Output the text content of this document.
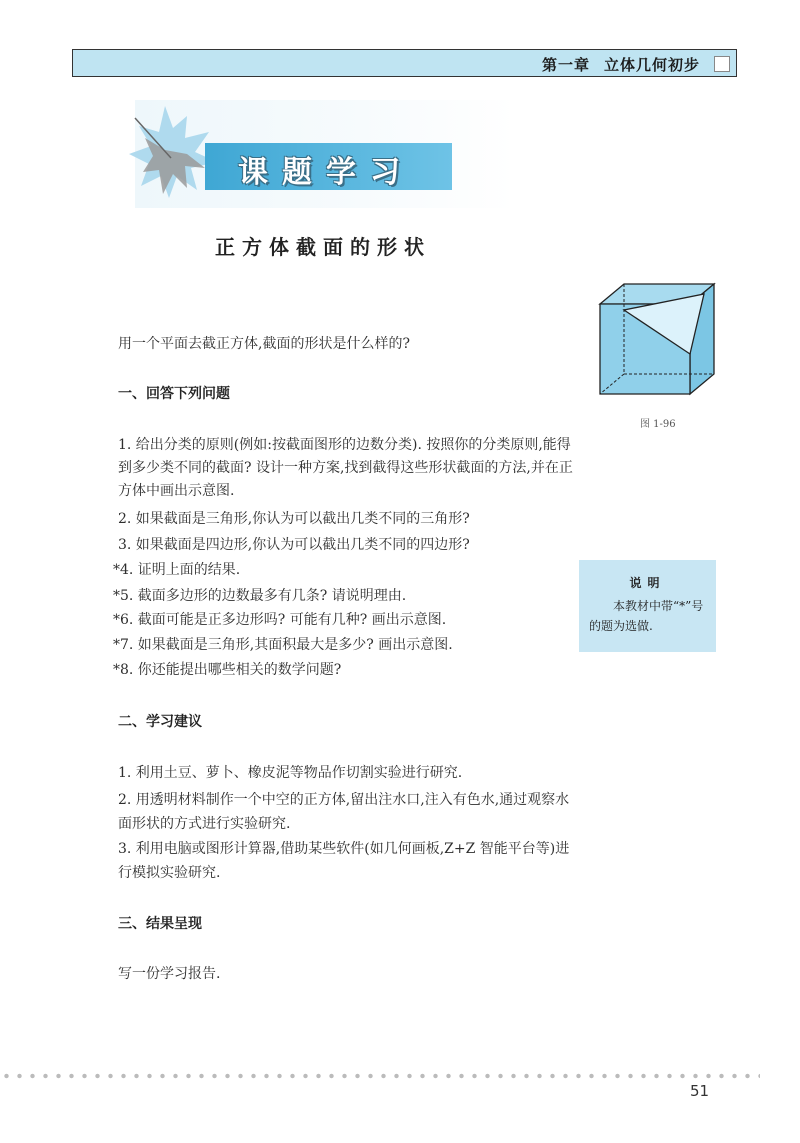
第一章 立体几何初步
课题学习
正方体截面的形状
图 1-96
用一个平面去截正方体,截面的形状是什么样的?
一、回答下列问题
1. 给出分类的原则(例如:按截面图形的边数分类). 按照你的分类原则,能得到多少类不同的截面? 设计一种方案,找到截得这些形状截面的方法,并在正方体中画出示意图.
2. 如果截面是三角形,你认为可以截出几类不同的三角形?
3. 如果截面是四边形,你认为可以截出几类不同的四边形?
*4. 证明上面的结果.
*5. 截面多边形的边数最多有几条? 请说明理由.
*6. 截面可能是正多边形吗? 可能有几种? 画出示意图.
*7. 如果截面是三角形,其面积最大是多少? 画出示意图.
*8. 你还能提出哪些相关的数学问题?
说明
本教材中带“*”号的题为选做.
二、学习建议
1. 利用土豆、萝卜、橡皮泥等物品作切割实验进行研究.
2. 用透明材料制作一个中空的正方体,留出注水口,注入有色水,通过观察水面形状的方式进行实验研究.
3. 利用电脑或图形计算器,借助某些软件(如几何画板,Z+Z 智能平台等)进行模拟实验研究.
三、结果呈现
写一份学习报告.
51
